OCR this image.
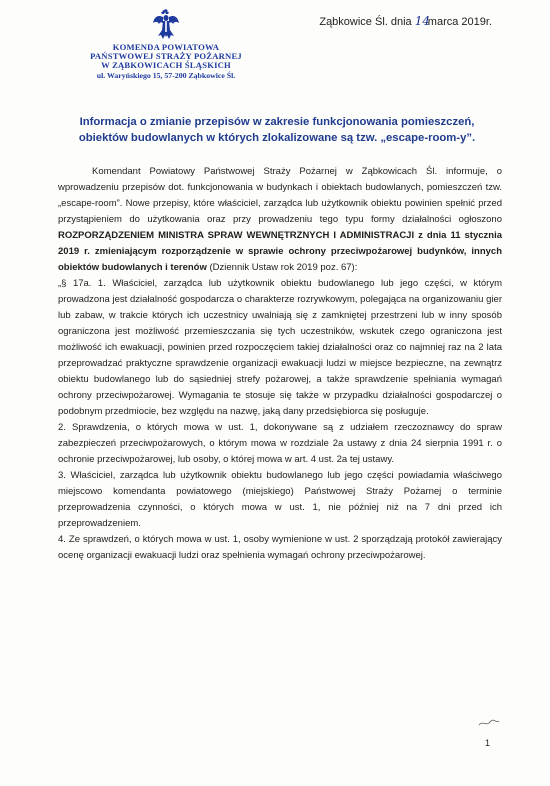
Ząbkowice Śl. dnia 14 marca 2019r.
KOMENDA POWIATOWA
PAŃSTWOWEJ STRAŻY POŻARNEJ
W ZĄBKOWICACH ŚLĄSKICH
ul. Waryńskiego 15, 57-200 Ząbkowice Śl.
Informacja o zmianie przepisów w zakresie funkcjonowania pomieszczeń,
obiektów budowlanych w których zlokalizowane są tzw. „escape-room-y”.

Komendant Powiatowy Państwowej Straży Pożarnej w Ząbkowicach Śl. informuje, o wprowadzeniu przepisów dot. funkcjonowania w budynkach i obiektach budowlanych, pomieszczeń tzw. „escape-room”. Nowe przepisy, które właściciel, zarządca lub użytkownik obiektu powinien spełnić przed przystąpieniem do użytkowania oraz przy prowadzeniu tego typu formy działalności ogłoszono ROZPORZĄDZENIEM MINISTRA SPRAW WEWNĘTRZNYCH I ADMINISTRACJI z dnia 11 stycznia 2019 r. zmieniającym rozporządzenie w sprawie ochrony przeciwpożarowej budynków, innych obiektów budowlanych i terenów (Dziennik Ustaw rok 2019 poz. 67):

„§ 17a. 1. Właściciel, zarządca lub użytkownik obiektu budowlanego lub jego części, w którym prowadzona jest działalność gospodarcza o charakterze rozrywkowym, polegająca na organizowaniu gier lub zabaw, w trakcie których ich uczestnicy uwalniają się z zamkniętej przestrzeni lub w inny sposób ograniczona jest możliwość przemieszczania się tych uczestników, wskutek czego ograniczona jest możliwość ich ewakuacji, powinien przed rozpoczęciem takiej działalności oraz co najmniej raz na 2 lata przeprowadzać praktyczne sprawdzenie organizacji ewakuacji ludzi w miejsce bezpieczne, na zewnątrz obiektu budowlanego lub do sąsiedniej strefy pożarowej, a także sprawdzenie spełniania wymagań ochrony przeciwpożarowej. Wymagania te stosuje się także w przypadku działalności gospodarczej o podobnym przedmiocie, bez względu na nazwę, jaką dany przedsiębiorca się posługuje.

2. Sprawdzenia, o których mowa w ust. 1, dokonywane są z udziałem rzeczoznawcy do spraw zabezpieczeń przeciwpożarowych, o którym mowa w rozdziale 2a ustawy z dnia 24 sierpnia 1991 r. o ochronie przeciwpożarowej, lub osoby, o której mowa w art. 4 ust. 2a tej ustawy.

3. Właściciel, zarządca lub użytkownik obiektu budowlanego lub jego części powiadamia właściwego miejscowo komendanta powiatowego (miejskiego) Państwowej Straży Pożarnej o terminie przeprowadzenia czynności, o których mowa w ust. 1, nie później niż na 7 dni przed ich przeprowadzeniem.

4. Ze sprawdzeń, o których mowa w ust. 1, osoby wymienione w ust. 2 sporządzają protokół zawierający ocenę organizacji ewakuacji ludzi oraz spełnienia wymagań ochrony przeciwpożarowej.

1
